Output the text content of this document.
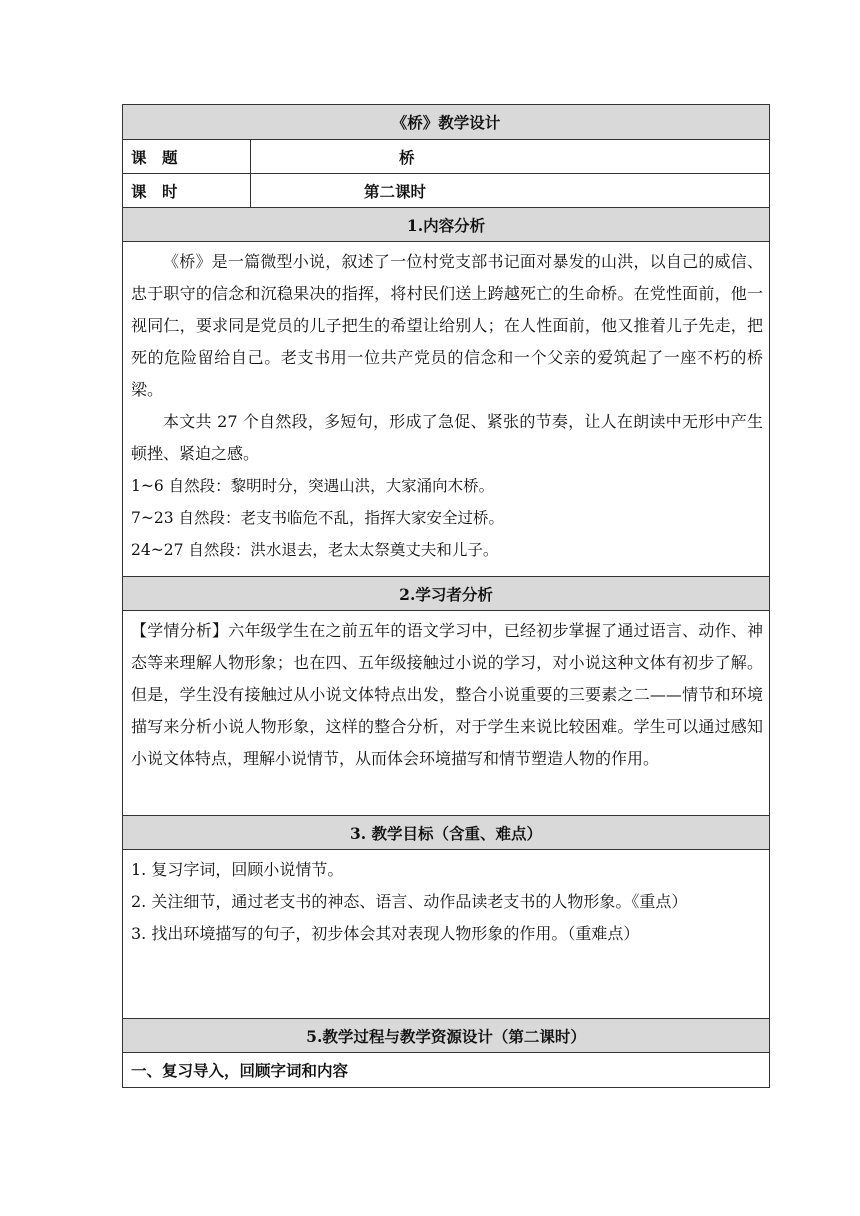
《桥》教学设计	
课　题	桥
课　时	第二课时
1.内容分析	

《桥》是一篇微型小说，叙述了一位村党支部书记面对暴发的山洪，以自己的威信、忠于职守的信念和沉稳果决的指挥，将村民们送上跨越死亡的生命桥。在党性面前，他一视同仁，要求同是党员的儿子把生的希望让给别人；在人性面前，他又推着儿子先走，把死的危险留给自己。老支书用一位共产党员的信念和一个父亲的爱筑起了一座不朽的桥梁。

本文共 27 个自然段，多短句，形成了急促、紧张的节奏，让人在朗读中无形中产生顿挫、紧迫之感。

1~6 自然段：黎明时分，突遇山洪，大家涌向木桥。

7~23 自然段：老支书临危不乱，指挥大家安全过桥。

24~27 自然段：洪水退去，老太太祭奠丈夫和儿子。	

2.学习者分析	

【学情分析】六年级学生在之前五年的语文学习中，已经初步掌握了通过语言、动作、神态等来理解人物形象；也在四、五年级接触过小说的学习，对小说这种文体有初步了解。但是，学生没有接触过从小说文体特点出发，整合小说重要的三要素之二——情节和环境描写来分析小说人物形象，这样的整合分析，对于学生来说比较困难。学生可以通过感知小说文体特点，理解小说情节，从而体会环境描写和情节塑造人物的作用。	

3. 教学目标（含重、难点）	

1. 复习字词，回顾小说情节。

2. 关注细节，通过老支书的神态、语言、动作品读老支书的人物形象。《重点）

3. 找出环境描写的句子，初步体会其对表现人物形象的作用。（重难点）	

5.教学过程与教学资源设计（第二课时）	
一、复习导入，回顾字词和内容	
